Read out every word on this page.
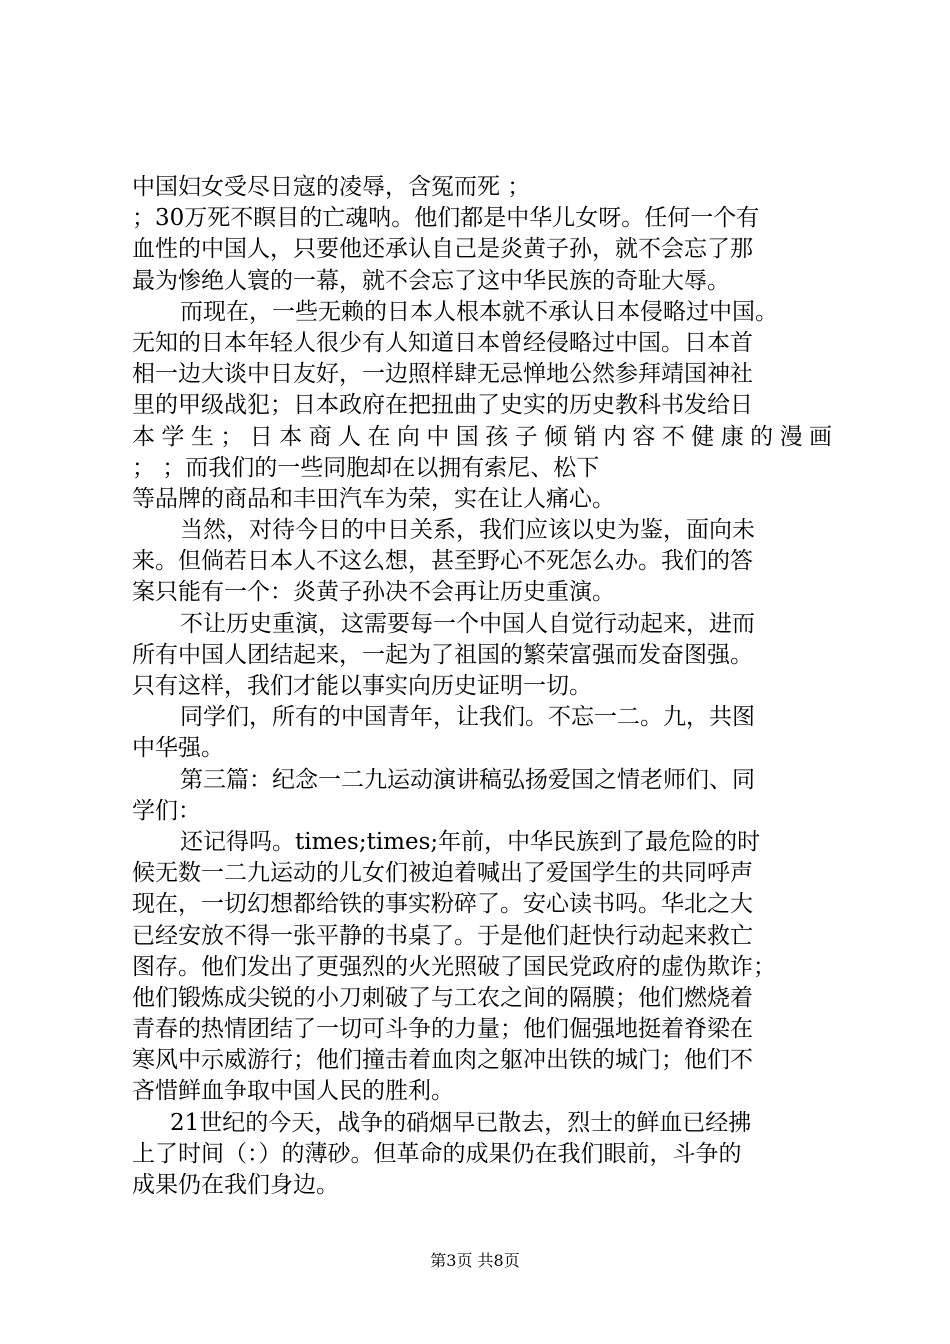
中国妇女受尽日寇的凌辱，含冤而死 ；
；30万死不瞑目的亡魂呐。他们都是中华儿女呀。任何一个有
血性的中国人，只要他还承认自己是炎黄子孙，就不会忘了那
最为惨绝人寰的一幕，就不会忘了这中华民族的奇耻大辱。
而现在，一些无赖的日本人根本就不承认日本侵略过中国。
无知的日本年轻人很少有人知道日本曾经侵略过中国。日本首
相一边大谈中日友好，一边照样肆无忌惮地公然参拜靖国神社
里的甲级战犯；日本政府在把扭曲了史实的历史教科书发给日
本学生；日本商人在向中国孩子倾销内容不健康的漫画
； ；而我们的一些同胞却在以拥有索尼、松下
等品牌的商品和丰田汽车为荣，实在让人痛心。
当然，对待今日的中日关系，我们应该以史为鉴，面向未
来。但倘若日本人不这么想，甚至野心不死怎么办。我们的答
案只能有一个：炎黄子孙决不会再让历史重演。
不让历史重演，这需要每一个中国人自觉行动起来，进而
所有中国人团结起来，一起为了祖国的繁荣富强而发奋图强。
只有这样，我们才能以事实向历史证明一切。
同学们，所有的中国青年，让我们。不忘一二。九，共图
中华强。
第三篇：纪念一二九运动演讲稿弘扬爱国之情老师们、同
学们：
还记得吗。times;times;年前，中华民族到了最危险的时
候无数一二九运动的儿女们被迫着喊出了爱国学生的共同呼声
现在，一切幻想都给铁的事实粉碎了。安心读书吗。华北之大
已经安放不得一张平静的书桌了。于是他们赶快行动起来救亡
图存。他们发出了更强烈的火光照破了国民党政府的虚伪欺诈；
他们锻炼成尖锐的小刀刺破了与工农之间的隔膜；他们燃烧着
青春的热情团结了一切可斗争的力量；他们倔强地挺着脊梁在
寒风中示威游行；他们撞击着血肉之躯冲出铁的城门；他们不
吝惜鲜血争取中国人民的胜利。
21世纪的今天，战争的硝烟早已散去，烈士的鲜血已经拂
上了时间（：）的薄砂。但革命的成果仍在我们眼前，斗争的
成果仍在我们身边。
第3页 共8页
